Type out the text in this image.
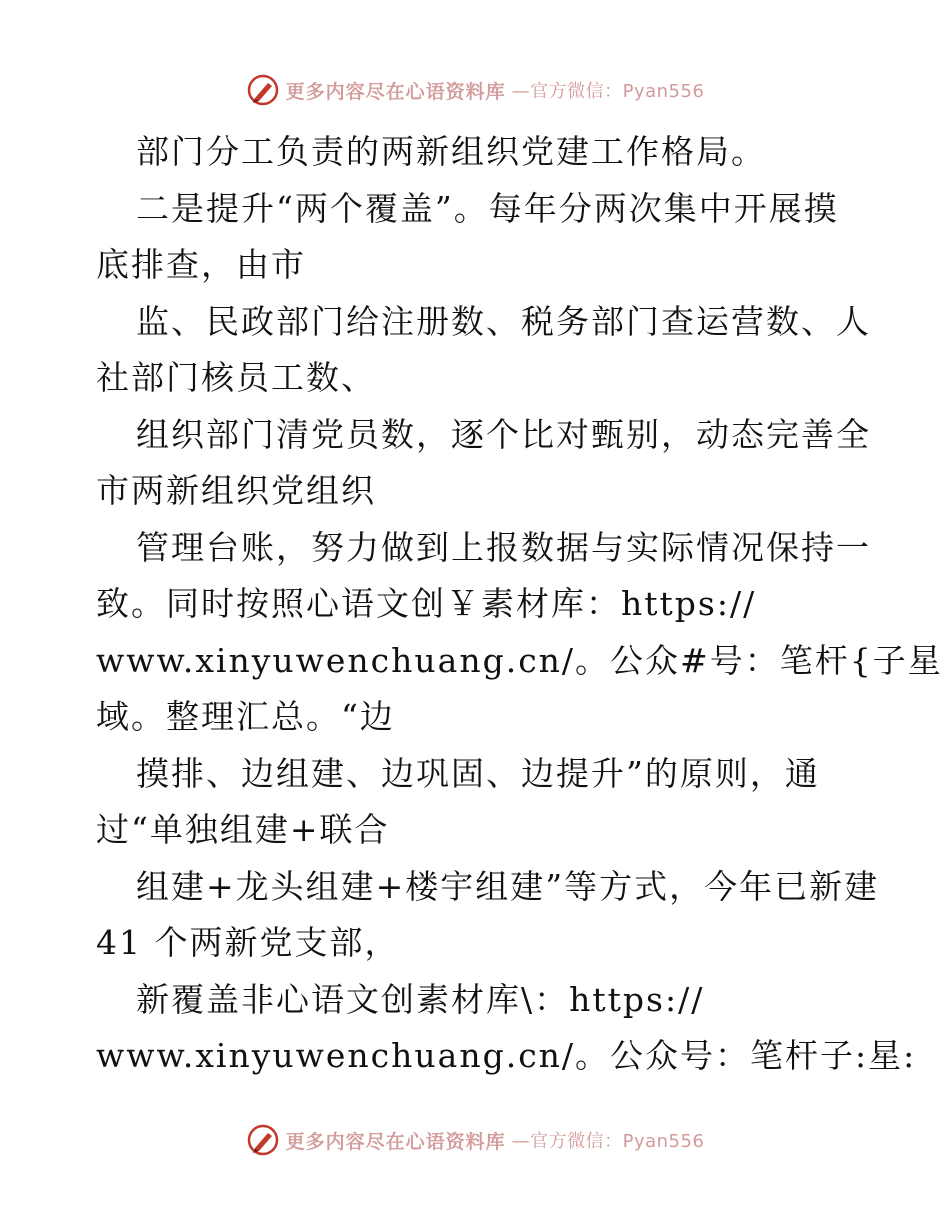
更多内容尽在心语资料库 —官方微信：Pyan556
部门分工负责的两新组织党建工作格局。
二是提升“两个覆盖”。每年分两次集中开展摸
底排查，由市
监、民政部门给注册数、税务部门查运营数、人
社部门核员工数、
组织部门清党员数，逐个比对甄别，动态完善全
市两新组织党组织
管理台账，努力做到上报数据与实际情况保持一
致。同时按照心语文创￥素材库：https://
www.xinyuwenchuang.cn/。公众#号：笔杆{子星
域。整理汇总。“边
摸排、边组建、边巩固、边提升”的原则，通
过“单独组建+联合
组建+龙头组建+楼宇组建”等方式，今年已新建
41 个两新党支部，
新覆盖非心语文创素材库\：https://
www.xinyuwenchuang.cn/。公众号：笔杆子:星:
更多内容尽在心语资料库 —官方微信：Pyan556
